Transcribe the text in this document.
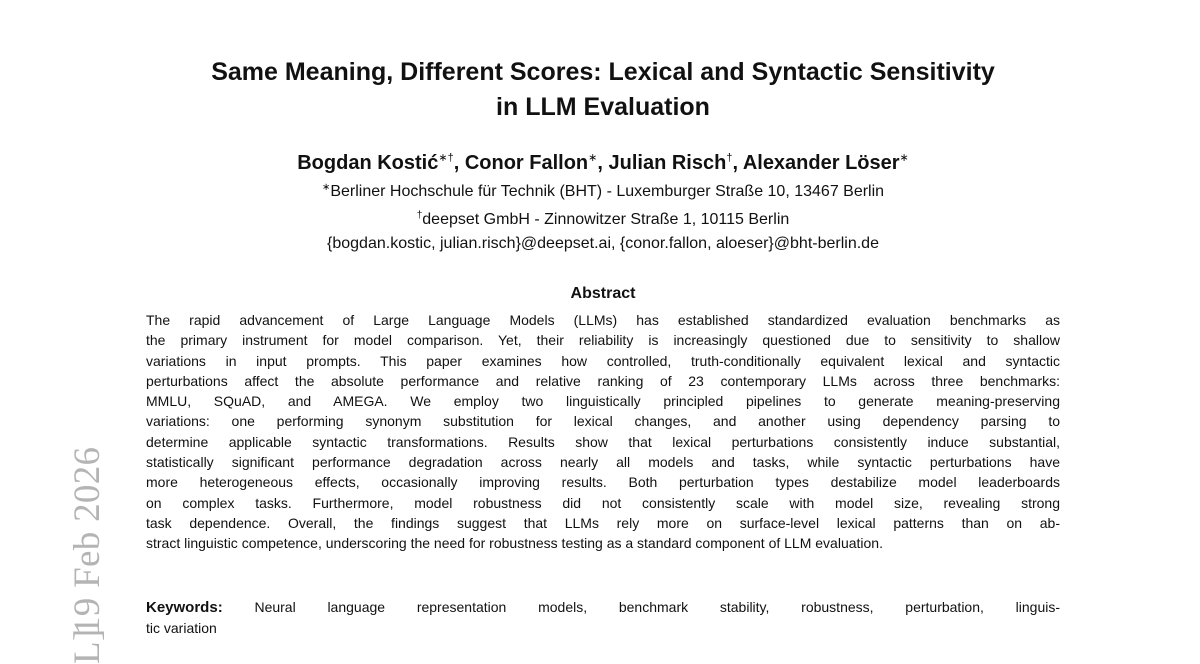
19 Feb 2026
L]
Same Meaning, Different Scores: Lexical and Syntactic Sensitivity
in LLM Evaluation
Bogdan Kostić∗†, Conor Fallon∗, Julian Risch†, Alexander Löser∗
∗Berliner Hochschule für Technik (BHT) - Luxemburger Straße 10, 13467 Berlin
†deepset GmbH - Zinnowitzer Straße 1, 10115 Berlin
{bogdan.kostic, julian.risch}@deepset.ai, {conor.fallon, aloeser}@bht-berlin.de
Abstract
The rapid advancement of Large Language Models (LLMs) has established standardized evaluation benchmarks as
the primary instrument for model comparison. Yet, their reliability is increasingly questioned due to sensitivity to shallow
variations in input prompts. This paper examines how controlled, truth-conditionally equivalent lexical and syntactic
perturbations affect the absolute performance and relative ranking of 23 contemporary LLMs across three benchmarks:
MMLU, SQuAD, and AMEGA. We employ two linguistically principled pipelines to generate meaning-preserving
variations: one performing synonym substitution for lexical changes, and another using dependency parsing to
determine applicable syntactic transformations. Results show that lexical perturbations consistently induce substantial,
statistically significant performance degradation across nearly all models and tasks, while syntactic perturbations have
more heterogeneous effects, occasionally improving results. Both perturbation types destabilize model leaderboards
on complex tasks. Furthermore, model robustness did not consistently scale with model size, revealing strong
task dependence. Overall, the findings suggest that LLMs rely more on surface-level lexical patterns than on ab-
stract linguistic competence, underscoring the need for robustness testing as a standard component of LLM evaluation.
Keywords: Neural language representation models, benchmark stability, robustness, perturbation, linguis-
tic variation
